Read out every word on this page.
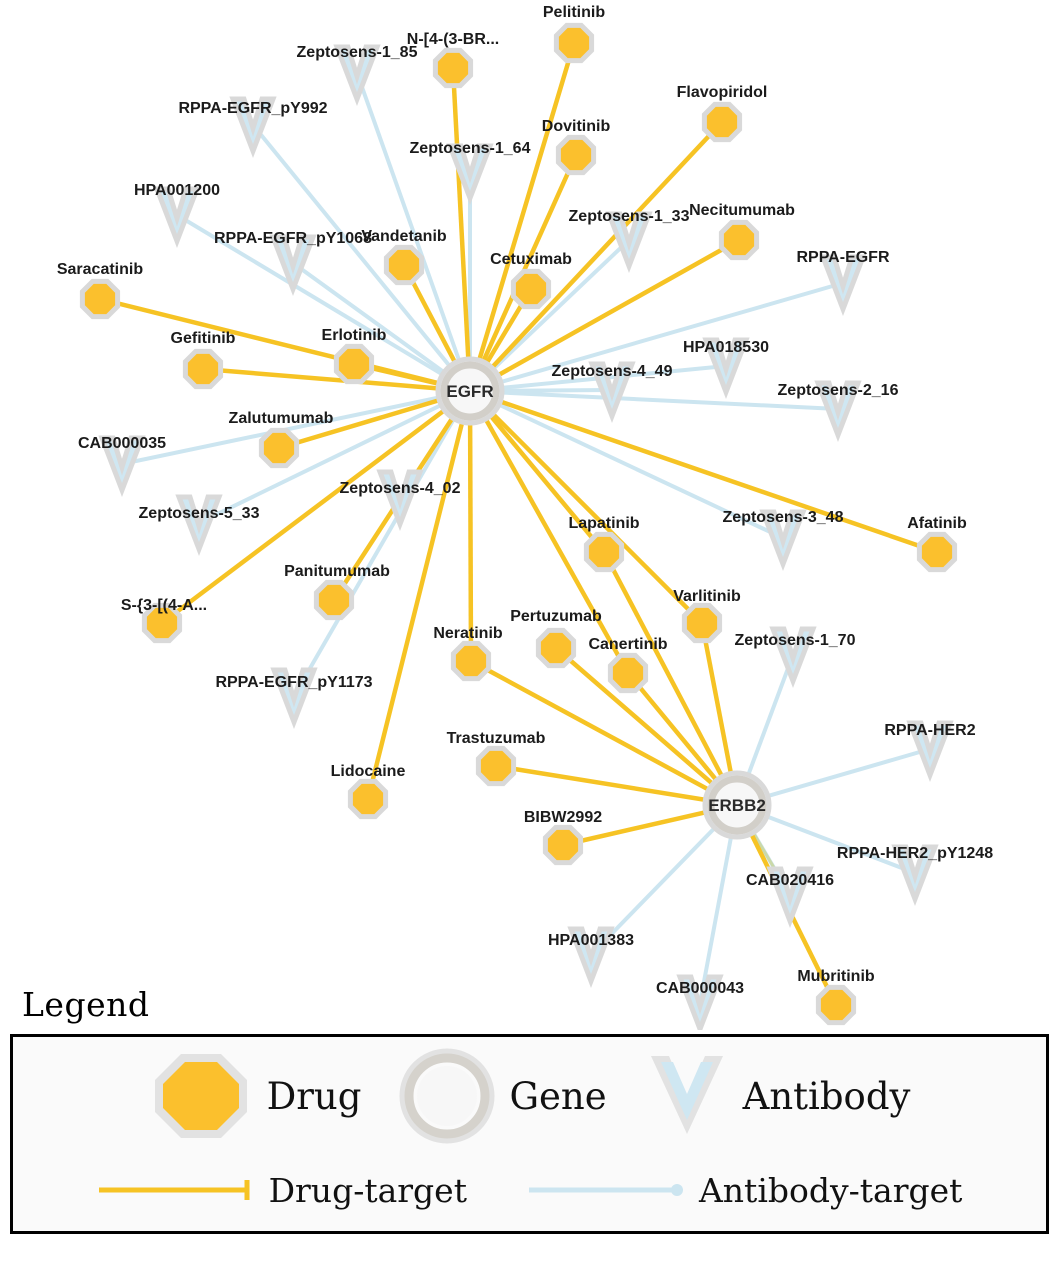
Zeptosens-1_85
RPPA-EGFR_pY992
Zeptosens-1_64
HPA001200
Zeptosens-1_33
RPPA-EGFR_pY1068
RPPA-EGFR
HPA018530
Zeptosens-4_49
Zeptosens-2_16
CAB000035
Zeptosens-4_02
Zeptosens-5_33	Zeptosens-3_48
Zeptosens-1_70
RPPA-EGFR_pY1173
RPPA-HER2
RPPA-HER2_pY1248
CAB020416
HPA001383
CAB000043
Pelitinib
N-[4-(3-BR...
Flavopiridol
Dovitinib
Necitumumab
Vandetanib
Cetuximab
Saracatinib
Gefitinib	Erlotinib
Zalutumumab
Afatinib
Lapatinib
Varlitinib
Panitumumab
S-{3-[(4-A...
Pertuzumab
Neratinib
Canertinib
Trastuzumab
Lidocaine
BIBW2992
Mubritinib
EGFR
ERBB2
Legend
Drug	Gene	Antibody
Drug-target	Antibody-target
